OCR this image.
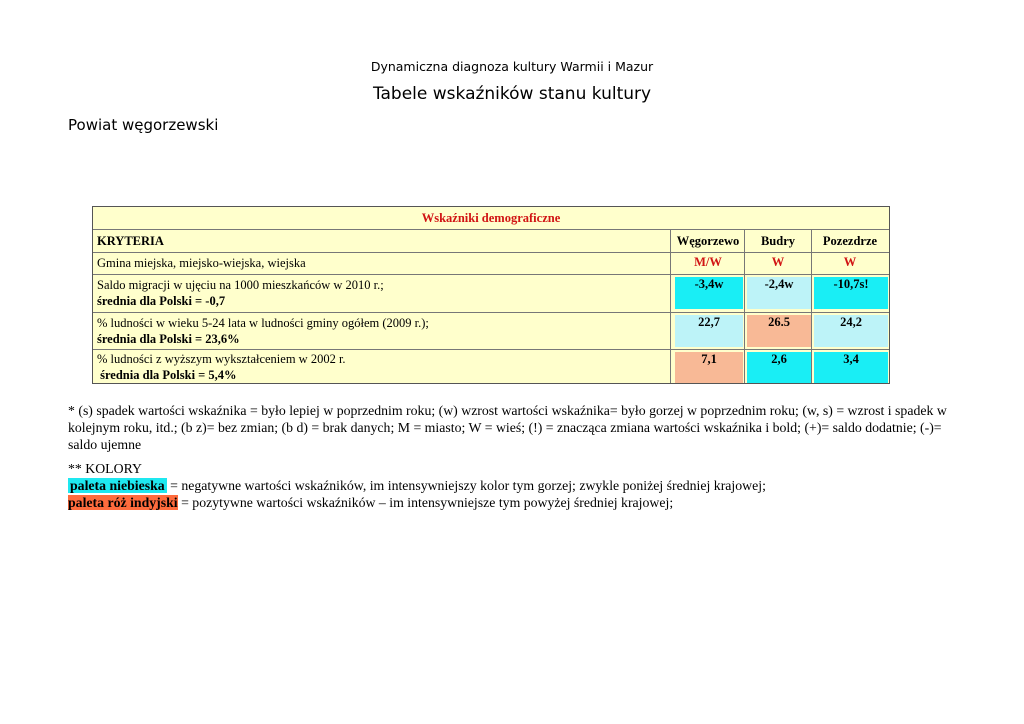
Dynamiczna diagnoza kultury Warmii i Mazur
Tabele wskaźników stanu kultury
Powiat węgorzewski
Wskaźniki demograficzne
KRYTERIA	Węgorzewo	Budry	Pozezdrze
Gmina miejska, miejsko-wiejska, wiejska	M/W	W	W
Saldo migracji w ujęciu na 1000 mieszkańców w 2010 r.;
średnia dla Polski = -0,7
-3,4w	-2,4w	-10,7s!
% ludności w wieku 5-24 lata w ludności gminy ogółem (2009 r.);
średnia dla Polski = 23,6%
22,7	26.5	24,2
% ludności z wyższym wykształceniem w 2002 r.
średnia dla Polski = 5,4%
7,1	2,6	3,4
* (s) spadek wartości wskaźnika = było lepiej w poprzednim roku; (w) wzrost wartości wskaźnika= było gorzej w poprzednim roku; (w, s) = wzrost i spadek w kolejnym roku, itd.; (b z)= bez zmian; (b d) = brak danych; M = miasto; W = wieś; (!) = znacząca zmiana wartości wskaźnika i bold; (+)= saldo dodatnie; (-)= saldo ujemne
** KOLORY
paleta niebieska = negatywne wartości wskaźników, im intensywniejszy kolor tym gorzej; zwykle poniżej średniej krajowej;
paleta róż indyjski = pozytywne wartości wskaźników – im intensywniejsze tym powyżej średniej krajowej;
